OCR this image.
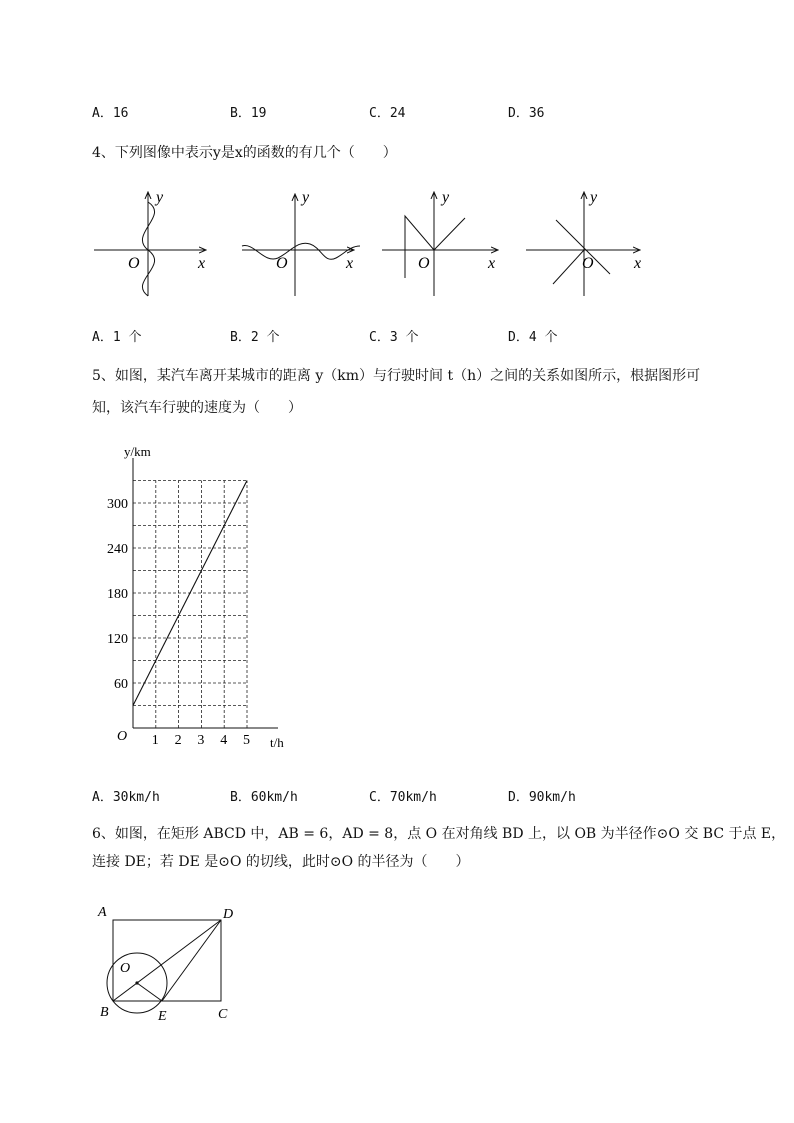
A．16	B．19	C．24	D．36
4、下列图像中表示y是x的函数的有几个（　　）
y
x
O
y
x
O
y
x
O
y
x
O
A．1 个	B．2 个	C．3 个	D．4 个
5、如图，某汽车离开某城市的距离 y（km）与行驶时间 t（h）之间的关系如图所示，根据图形可
知，该汽车行驶的速度为（　　）
1 2 3 4 5
60
120
180
240
300
y/km
t/h
O
A．30km/h	B．60km/h	C．70km/h	D．90km/h
6、如图，在矩形 ABCD 中，AB = 6，AD = 8，点 O 在对角线 BD 上，以 OB 为半径作⊙O 交 BC 于点 E，
连接 DE；若 DE 是⊙O 的切线，此时⊙O 的半径为（　　）
A	D
B	C
E
O
